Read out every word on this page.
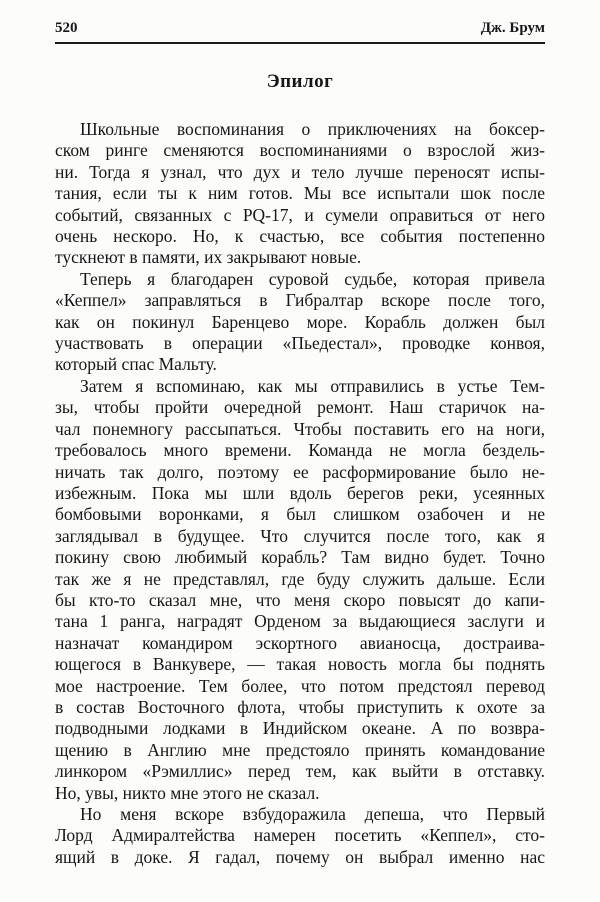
520	Дж. Брум
Эпилог
Школьные воспоминания о приключениях на боксер-
ском ринге сменяются воспоминаниями о взрослой жиз-
ни. Тогда я узнал, что дух и тело лучше переносят испы-
тания, если ты к ним готов. Мы все испытали шок после
событий, связанных с PQ-17, и сумели оправиться от него
очень нескоро. Но, к счастью, все события постепенно
тускнеют в памяти, их закрывают новые.
Теперь я благодарен суровой судьбе, которая привела
«Кеппел» заправляться в Гибралтар вскоре после того,
как он покинул Баренцево море. Корабль должен был
участвовать в операции «Пьедестал», проводке конвоя,
который спас Мальту.
Затем я вспоминаю, как мы отправились в устье Тем-
зы, чтобы пройти очередной ремонт. Наш старичок на-
чал понемногу рассыпаться. Чтобы поставить его на ноги,
требовалось много времени. Команда не могла бездель-
ничать так долго, поэтому ее расформирование было не-
избежным. Пока мы шли вдоль берегов реки, усеянных
бомбовыми воронками, я был слишком озабочен и не
заглядывал в будущее. Что случится после того, как я
покину свою любимый корабль? Там видно будет. Точно
так же я не представлял, где буду служить дальше. Если
бы кто-то сказал мне, что меня скоро повысят до капи-
тана 1 ранга, наградят Орденом за выдающиеся заслуги и
назначат командиром эскортного авианосца, достраива-
ющегося в Ванкувере, — такая новость могла бы поднять
мое настроение. Тем более, что потом предстоял перевод
в состав Восточного флота, чтобы приступить к охоте за
подводными лодками в Индийском океане. А по возвра-
щению в Англию мне предстояло принять командование
линкором «Рэмиллис» перед тем, как выйти в отставку.
Но, увы, никто мне этого не сказал.
Но меня вскоре взбудоражила депеша, что Первый
Лорд Адмиралтейства намерен посетить «Кеппел», сто-
ящий в доке. Я гадал, почему он выбрал именно нас
